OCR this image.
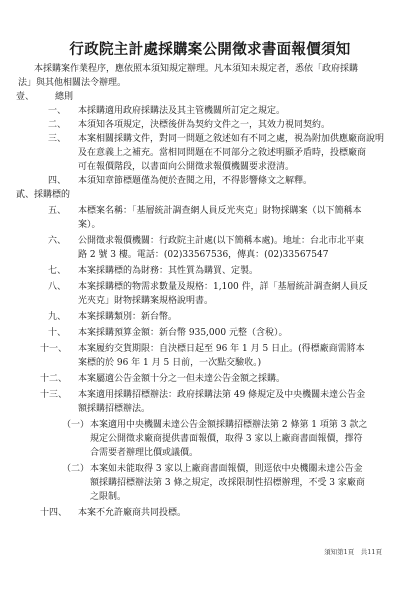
行政院主計處採購案公開徵求書面報價須知
本採購案作業程序，應依照本須知規定辦理。凡本須知未規定者，悉依「政府採購
法」與其他相關法令辦理。
壹、 總則
一、 本採購適用政府採購法及其主管機關所訂定之規定。
二、 本須知各項規定，決標後併為契約文件之一，其效力視同契約。
三、 本案相關採購文件，對同一問題之敘述如有不同之處，視為附加供應廠商說明
及在意義上之補充。當相同問題在不同部分之敘述明顯矛盾時，投標廠商
可在報價階段，以書面向公開徵求報價機關要求澄清。
四、 本須知章節標題僅為便於查閱之用，不得影響條文之解釋。
貳、 採購標的
五、 本標案名稱：「基層統計調查網人員反光夾克」財物採購案（以下簡稱本
案）。
六、 公開徵求報價機關：行政院主計處(以下簡稱本處)。地址：台北市北平東
路 2 號 3 樓。電話：(02)33567536，傳真：(02)33567547
七、 本案採購標的為財務：其性質為購買、定製。
八、 本案採購標的物需求數量及規格：1,100 件，詳「基層統計調查網人員反
光夾克」財物採購案規格說明書。
九、 本案採購類別：新台幣。
十、 本案採購預算金額：新台幣 935,000 元整（含稅）。
十一、 本案履約交貨期限：自決標日起至 96 年 1 月 5 日止。(得標廠商需將本
案標的於 96 年 1 月 5 日前，一次點交驗收。)
十二、 本案屬適公告金額十分之一但未達公告金額之採購。
十三、 本案適用採購招標辦法：政府採購法第 49 條規定及中央機關未達公告金
額採購招標辦法。
（一） 本案適用中央機關未達公告金額採購招標辦法第 2 條第 1 項第 3 款之
規定公開徵求廠商提供書面報價，取得 3 家以上廠商書面報價，擇符
合需要者辦理比價或議價。
（二） 本案如未能取得 3 家以上廠商書面報價，則逕依中央機關未達公告金
額採購招標辦法第 3 條之規定，改採限制性招標辦理，不受 3 家廠商
之限制。
十四、 本案不允許廠商共同投標。
須知第1頁　共11頁
